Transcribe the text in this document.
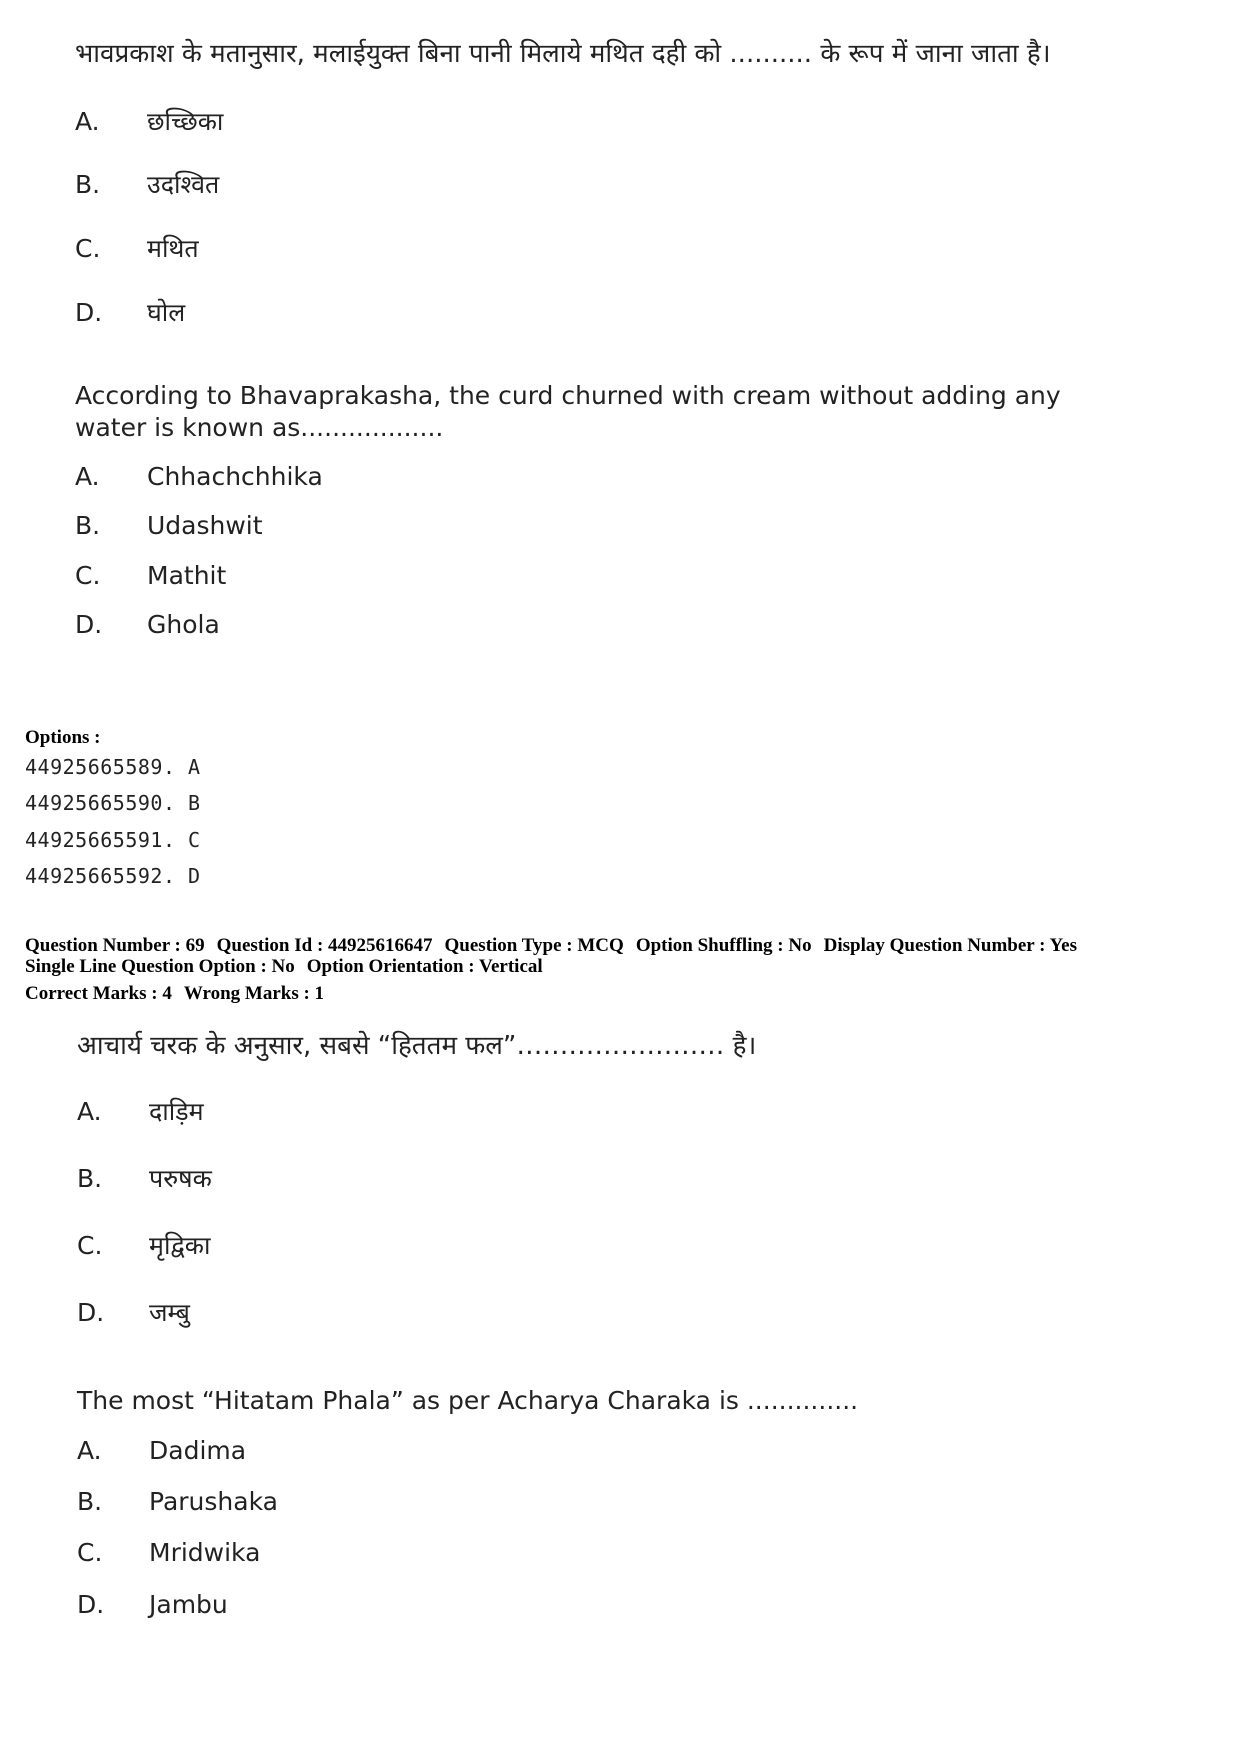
भावप्रकाश के मतानुसार, मलाईयुक्त बिना पानी मिलाये मथित दही को .......... के रूप में जाना जाता है।
A. छच्छिका
B. उदश्वित
C. मथित
D. घोल
According to Bhavaprakasha, the curd churned with cream without adding any water is known as..................
A. Chhachchhika
B. Udashwit
C. Mathit
D. Ghola
Options :
44925665589. A
44925665590. B
44925665591. C
44925665592. D
Question Number : 69 Question Id : 44925616647 Question Type : MCQ Option Shuffling : No Display Question Number : Yes
Single Line Question Option : No Option Orientation : Vertical
Correct Marks : 4 Wrong Marks : 1
आचार्य चरक के अनुसार, सबसे “हिततम फल”…………………… है।
A. दाड़िम
B. परुषक
C. मृद्विका
D. जम्बु
The most “Hitatam Phala” as per Acharya Charaka is ..............
A. Dadima
B. Parushaka
C. Mridwika
D. Jambu
